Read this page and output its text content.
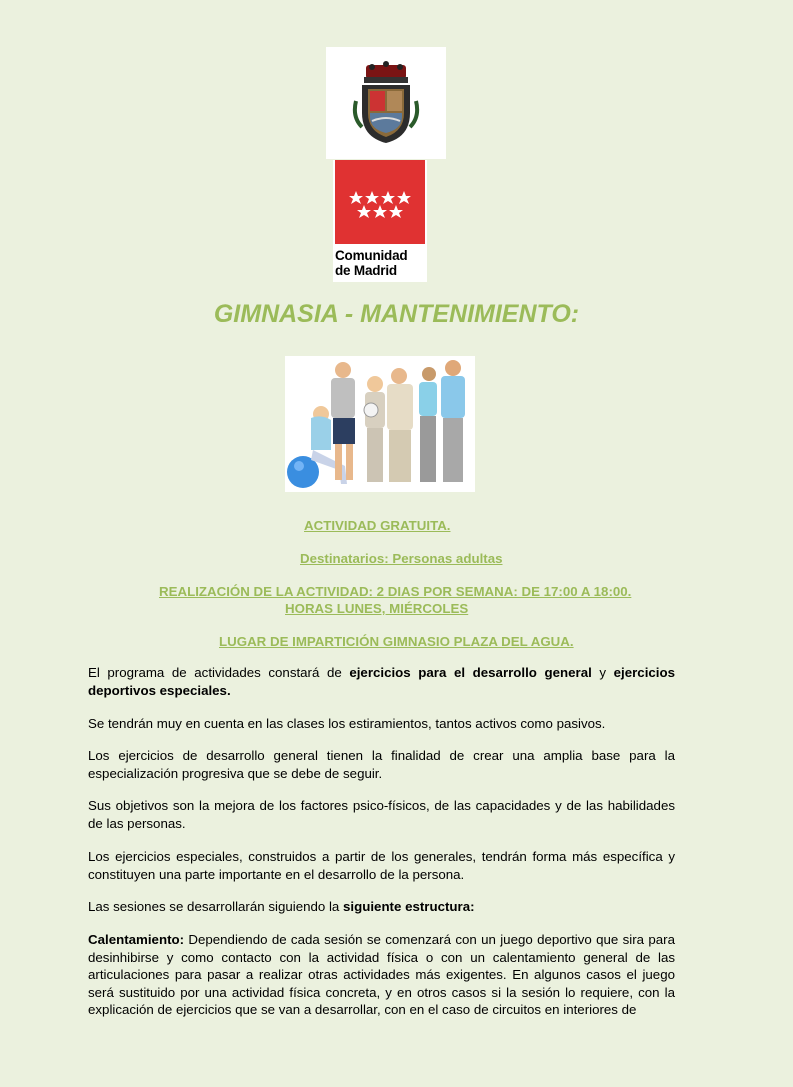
Comunidad
de Madrid
GIMNASIA - MANTENIMIENTO:
ACTIVIDAD GRATUITA.
Destinatarios: Personas adultas
REALIZACIÓN DE LA ACTIVIDAD: 2 DIAS POR SEMANA: DE 17:00 A 18:00.
HORAS LUNES, MIÉRCOLES
LUGAR DE IMPARTICIÓN GIMNASIO PLAZA DEL AGUA.

El programa de actividades constará de ejercicios para el desarrollo general y ejercicios deportivos especiales.

Se tendrán muy en cuenta en las clases los estiramientos, tantos activos como pasivos.

Los ejercicios de desarrollo general tienen la finalidad de crear una amplia base para la especialización progresiva que se debe de seguir.

Sus objetivos son la mejora de los factores psico-físicos, de las capacidades y de las habilidades de las personas.

Los ejercicios especiales, construidos a partir de los generales, tendrán forma más específica y constituyen una parte importante en el desarrollo de la persona.

Las sesiones se desarrollarán siguiendo la siguiente estructura:

Calentamiento: Dependiendo de cada sesión se comenzará con un juego deportivo que sira para desinhibirse y como contacto con la actividad física o con un calentamiento general de las articulaciones para pasar a realizar otras actividades más exigentes. En algunos casos el juego será sustituido por una actividad física concreta, y en otros casos si la sesión lo requiere, con la explicación de ejercicios que se van a desarrollar, con en el caso de circuitos en interiores de
